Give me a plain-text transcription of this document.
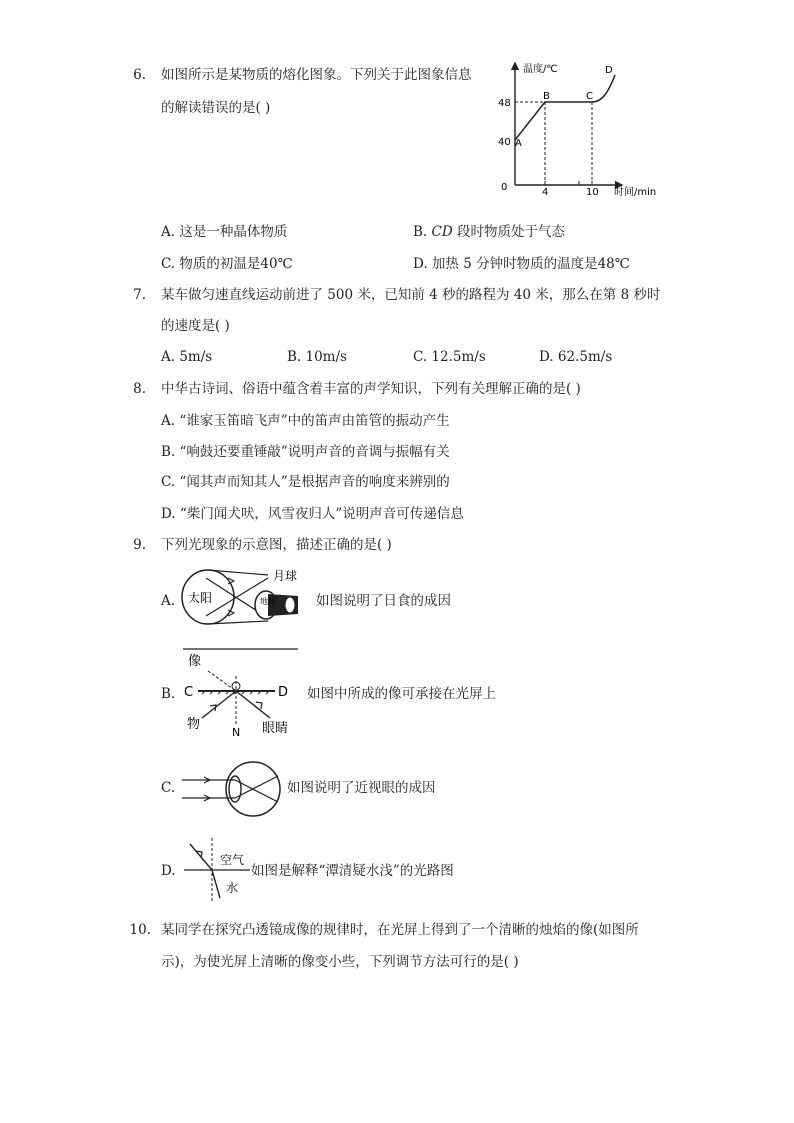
6. 如图所示是某物质的熔化图象。下列关于此图象信息
的解读错误的是( )
温度/℃
时间/min
48
40
0	4	10
A
B	C
D
A. 这是一种晶体物质	B. CD 段时物质处于气态
C. 物质的初温是40℃	D. 加热 5 分钟时物质的温度是48℃
7. 某车做匀速直线运动前进了 500 米，已知前 4 秒的路程为 40 米，那么在第 8 秒时
的速度是( )
A. 5m/s	B. 10m/s	C. 12.5m/s	D. 62.5m/s
8. 中华古诗词、俗语中蕴含着丰富的声学知识，下列有关理解正确的是( )
A. “谁家玉笛暗飞声”中的笛声由笛管的振动产生
B. “响鼓还要重锤敲”说明声音的音调与振幅有关
C. “闻其声而知其人”是根据声音的响度来辨别的
D. “柴门闻犬吠，风雪夜归人”说明声音可传递信息
9. 下列光现象的示意图，描述正确的是( )
A. 太阳	地球
月球
如图说明了日食的成因
B.
像
C	D
物
N 眼睛
如图中所成的像可承接在光屏上
C.	如图说明了近视眼的成因
D.
空气
水
如图是解释“潭清疑水浅”的光路图
10. 某同学在探究凸透镜成像的规律时，在光屏上得到了一个清晰的烛焰的像(如图所
示)，为使光屏上清晰的像变小些，下列调节方法可行的是( )
